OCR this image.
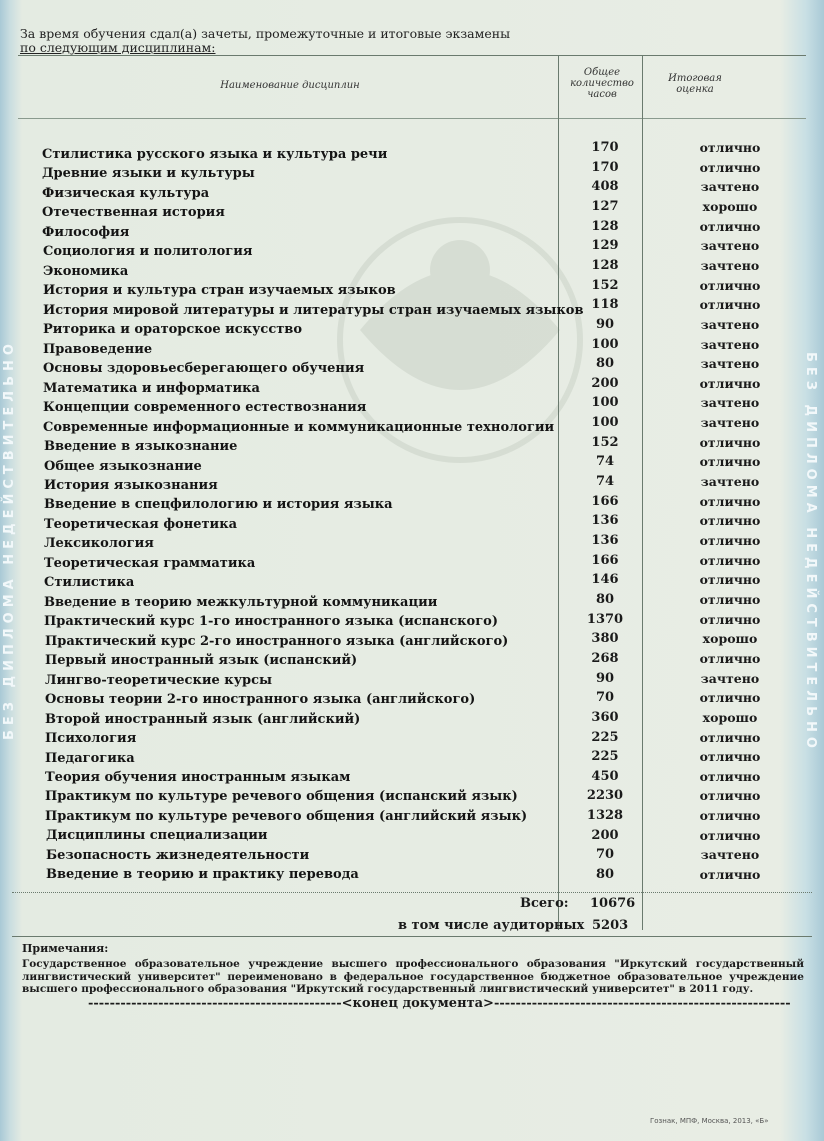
БЕЗ ДИПЛОМА НЕДЕЙСТВИТЕЛЬНО	БЕЗ ДИПЛОМА НЕДЕЙСТВИТЕЛЬНО
За время обучения сдал(а) зачеты, промежуточные и итоговые экзамены
по следующим дисциплинам:
Наименование дисциплин
Общее
количество
часов
Итоговая
оценка
Стилистика русского языка и культура речи	170	отлично
Древние языки и культуры	170	отлично
Физическая культура	408	зачтено
Отечественная история	127	хорошо
Философия	128	отлично
Социология и политология	129	зачтено
Экономика	128	зачтено
История и культура стран изучаемых языков	152	отлично
История мировой литературы и литературы стран изучаемых языков 118	отлично
Риторика и ораторское искусство	90	зачтено
Правоведение	100	зачтено
Основы здоровьесберегающего обучения	80	зачтено
Математика и информатика	200	отлично
Концепции современного естествознания	100	зачтено
Современные информационные и коммуникационные технологии	100	зачтено
Введение в языкознание	152	отлично
Общее языкознание	74	отлично
История языкознания	74	зачтено
Введение в спецфилологию и история языка	166	отлично
Теоретическая фонетика	136	отлично
Лексикология	136	отлично
Теоретическая грамматика	166	отлично
Стилистика	146	отлично
Введение в теорию межкультурной коммуникации	80	отлично
Практический курс 1-го иностранного языка (испанского)	1370	отлично
Практический курс 2-го иностранного языка (английского)	380	хорошо
Первый иностранный язык (испанский)	268	отлично
Лингво-теоретические курсы	90	зачтено
Основы теории 2-го иностранного языка (английского)	70	отлично
Второй иностранный язык (английский)	360	хорошо
Психология	225	отлично
Педагогика	225	отлично
Теория обучения иностранным языкам	450	отлично
Практикум по культуре речевого общения (испанский язык)	2230	отлично
Практикум по культуре речевого общения (английский язык)	1328	отлично
Дисциплины специализации	200	отлично
Безопасность жизнедеятельности	70	зачтено
Введение в теорию и практику перевода	80	отлично
Всего: 10676
в том числе аудиторных 5203
Примечания:
Государственное образовательное учреждение высшего профессионального образования "Иркутский государственный лингвистический университет" переименовано в федеральное государственное бюджетное образовательное учреждение высшего профессионального образования "Иркутский государственный лингвистический университет" в 2011 году.
-----------------------------------------------<конец документа>-------------------------------------------------------
Гознак, МПФ, Москва, 2013, «Б»
